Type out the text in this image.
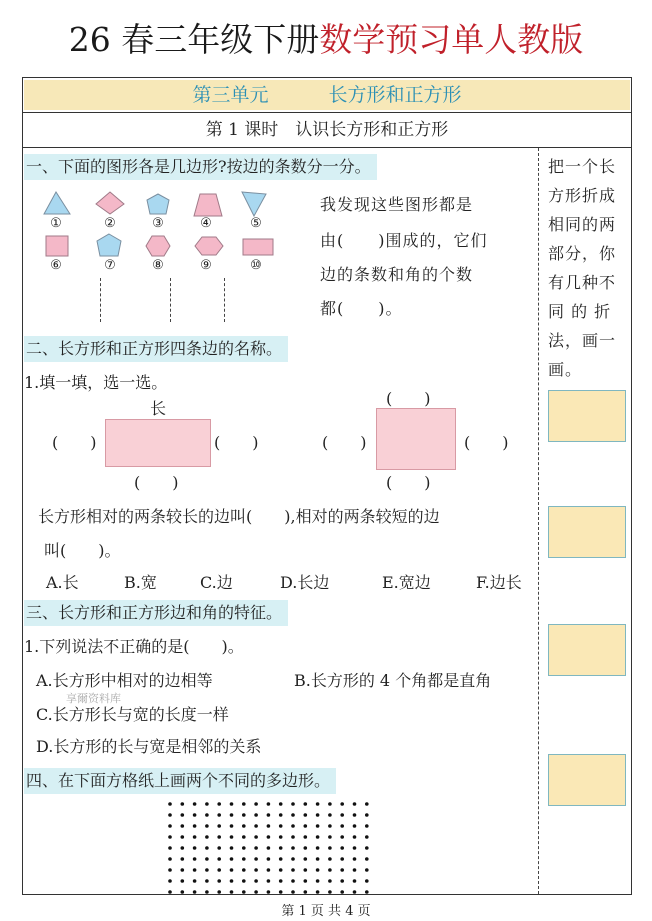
26 春三年级下册数学预习单人教版
第三单元	长方形和正方形
第 1 课时　认识长方形和正方形
一、下面的图形各是几边形?按边的条数分一分。
①	②	③	④	⑤
⑥	⑦	⑧	⑨	⑩
我发现这些图形都是
由(　　)围成的，它们
边的条数和角的个数
都(　　)。
二、长方形和正方形四条边的名称。
1.填一填，选一选。
长
(　　)	(　　)
(　　)
(　　)
(　　)	(　　)
(　　)
长方形相对的两条较长的边叫(　　),相对的两条较短的边
叫(　　)。
A.长	B.宽	C.边	D.长边	E.宽边	F.边长
三、长方形和正方形边和角的特征。
1.下列说法不正确的是(　　)。
A.长方形中相对的边相等	B.长方形的 4 个角都是直角
享爾资料库
C.长方形长与宽的长度一样
D.长方形的长与宽是相邻的关系
四、在下面方格纸上画两个不同的多边形。
把一个长
方形折成
相同的两
部分，你
有几种不
同 的 折
法，画一
画。
第 1 页 共 4 页
